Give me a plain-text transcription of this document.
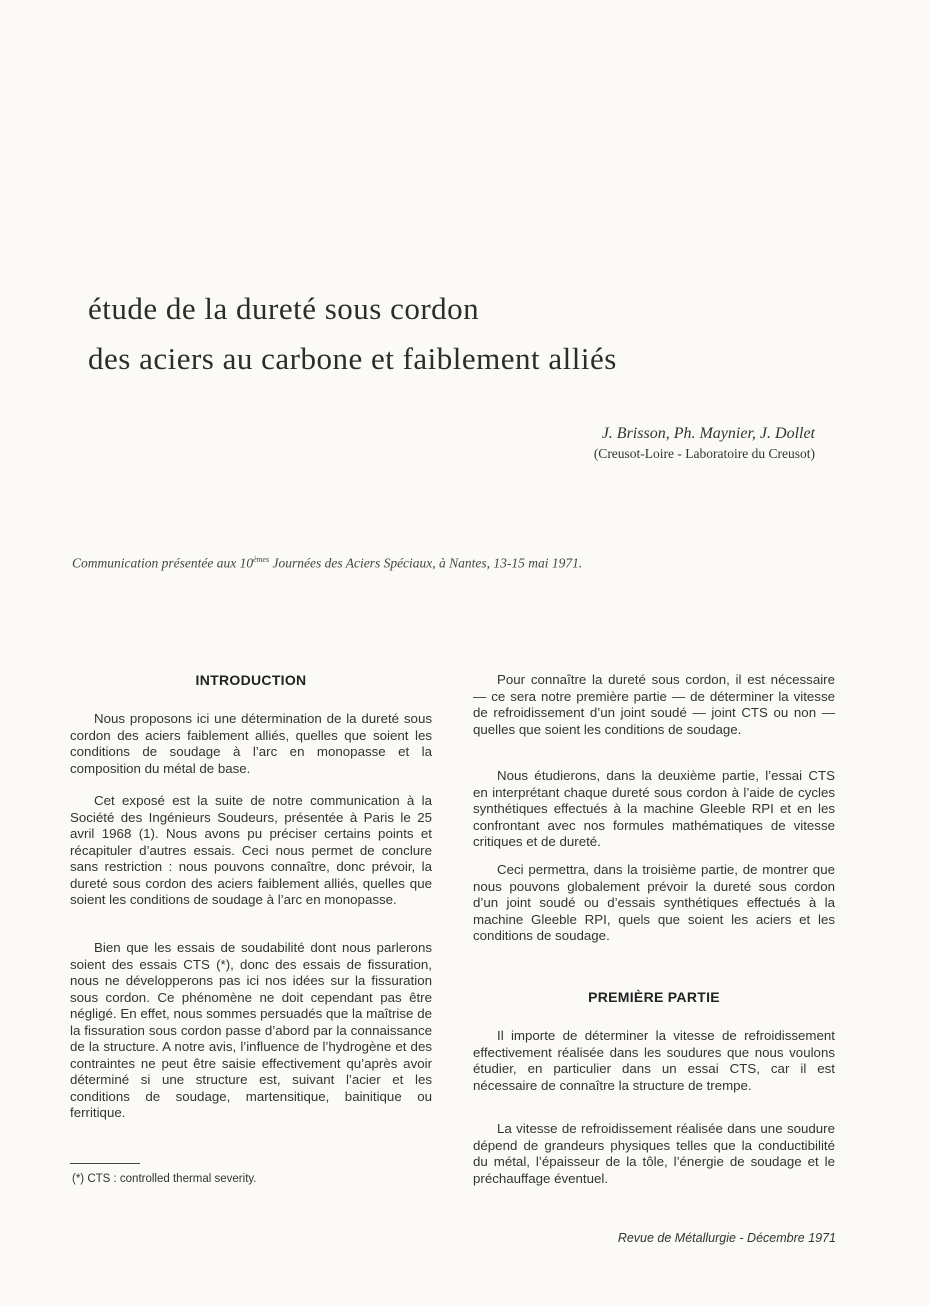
étude de la dureté sous cordon
des aciers au carbone et faiblement alliés
J. Brisson, Ph. Maynier, J. Dollet
(Creusot-Loire - Laboratoire du Creusot)
Communication présentée aux 10èmes Journées des Aciers Spéciaux, à Nantes, 13-15 mai 1971.
INTRODUCTION

Nous proposons ici une détermination de la dureté sous cordon des aciers faiblement alliés, quelles que soient les conditions de soudage à l’arc en monopasse et la composition du métal de base.

Cet exposé est la suite de notre communication à la Société des Ingénieurs Soudeurs, présentée à Paris le 25 avril 1968 (1). Nous avons pu préciser certains points et récapituler d’autres essais. Ceci nous permet de conclure sans restriction : nous pouvons connaître, donc prévoir, la dureté sous cordon des aciers faiblement alliés, quelles que soient les conditions de soudage à l’arc en monopasse.

Bien que les essais de soudabilité dont nous parlerons soient des essais CTS (*), donc des essais de fissuration, nous ne développerons pas ici nos idées sur la fissuration sous cordon. Ce phénomène ne doit cependant pas être négligé. En effet, nous sommes persuadés que la maîtrise de la fissuration sous cordon passe d’abord par la connaissance de la structure. A notre avis, l’influence de l’hydrogène et des contraintes ne peut être saisie effectivement qu’après avoir déterminé si une structure est, suivant l’acier et les conditions de soudage, martensitique, bainitique ou ferritique.

Pour connaître la dureté sous cordon, il est nécessaire — ce sera notre première partie — de déterminer la vitesse de refroidissement d’un joint soudé — joint CTS ou non — quelles que soient les conditions de soudage.

Nous étudierons, dans la deuxième partie, l’essai CTS en interprétant chaque dureté sous cordon à l’aide de cycles synthétiques effectués à la machine Gleeble RPI et en les confrontant avec nos formules mathématiques de vitesse critiques et de dureté.

Ceci permettra, dans la troisième partie, de montrer que nous pouvons globalement prévoir la dureté sous cordon d’un joint soudé ou d’essais synthétiques effectués à la machine Gleeble RPI, quels que soient les aciers et les conditions de soudage.

PREMIÈRE PARTIE

Il importe de déterminer la vitesse de refroidissement effectivement réalisée dans les soudures que nous voulons étudier, en particulier dans un essai CTS, car il est nécessaire de connaître la structure de trempe.

La vitesse de refroidissement réalisée dans une soudure dépend de grandeurs physiques telles que la conductibilité du métal, l’épaisseur de la tôle, l’énergie de soudage et le préchauffage éventuel.

(*) CTS : controlled thermal severity.
Revue de Métallurgie - Décembre 1971
